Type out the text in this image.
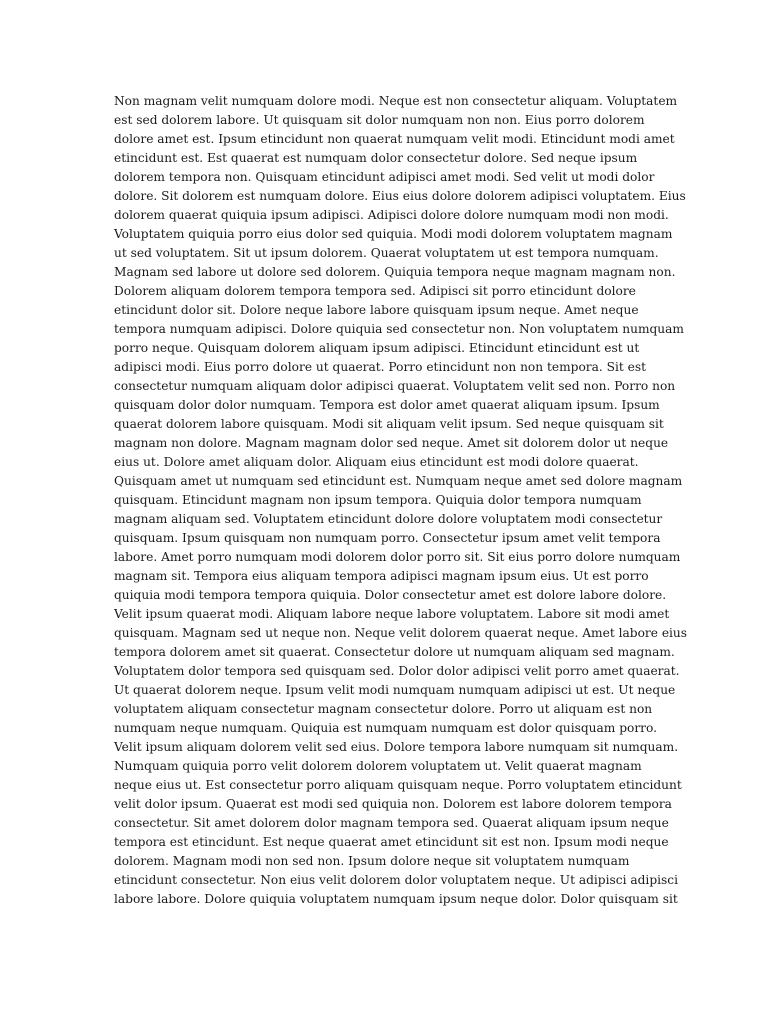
Non magnam velit numquam dolore modi. Neque est non consectetur aliquam. Voluptatem
est sed dolorem labore. Ut quisquam sit dolor numquam non non. Eius porro dolorem
dolore amet est. Ipsum etincidunt non quaerat numquam velit modi. Etincidunt modi amet
etincidunt est. Est quaerat est numquam dolor consectetur dolore. Sed neque ipsum
dolorem tempora non. Quisquam etincidunt adipisci amet modi. Sed velit ut modi dolor
dolore. Sit dolorem est numquam dolore. Eius eius dolore dolorem adipisci voluptatem. Eius
dolorem quaerat quiquia ipsum adipisci. Adipisci dolore dolore numquam modi non modi.
Voluptatem quiquia porro eius dolor sed quiquia. Modi modi dolorem voluptatem magnam
ut sed voluptatem. Sit ut ipsum dolorem. Quaerat voluptatem ut est tempora numquam.
Magnam sed labore ut dolore sed dolorem. Quiquia tempora neque magnam magnam non.
Dolorem aliquam dolorem tempora tempora sed. Adipisci sit porro etincidunt dolore
etincidunt dolor sit. Dolore neque labore labore quisquam ipsum neque. Amet neque
tempora numquam adipisci. Dolore quiquia sed consectetur non. Non voluptatem numquam
porro neque. Quisquam dolorem aliquam ipsum adipisci. Etincidunt etincidunt est ut
adipisci modi. Eius porro dolore ut quaerat. Porro etincidunt non non tempora. Sit est
consectetur numquam aliquam dolor adipisci quaerat. Voluptatem velit sed non. Porro non
quisquam dolor dolor numquam. Tempora est dolor amet quaerat aliquam ipsum. Ipsum
quaerat dolorem labore quisquam. Modi sit aliquam velit ipsum. Sed neque quisquam sit
magnam non dolore. Magnam magnam dolor sed neque. Amet sit dolorem dolor ut neque
eius ut. Dolore amet aliquam dolor. Aliquam eius etincidunt est modi dolore quaerat.
Quisquam amet ut numquam sed etincidunt est. Numquam neque amet sed dolore magnam
quisquam. Etincidunt magnam non ipsum tempora. Quiquia dolor tempora numquam
magnam aliquam sed. Voluptatem etincidunt dolore dolore voluptatem modi consectetur
quisquam. Ipsum quisquam non numquam porro. Consectetur ipsum amet velit tempora
labore. Amet porro numquam modi dolorem dolor porro sit. Sit eius porro dolore numquam
magnam sit. Tempora eius aliquam tempora adipisci magnam ipsum eius. Ut est porro
quiquia modi tempora tempora quiquia. Dolor consectetur amet est dolore labore dolore.
Velit ipsum quaerat modi. Aliquam labore neque labore voluptatem. Labore sit modi amet
quisquam. Magnam sed ut neque non. Neque velit dolorem quaerat neque. Amet labore eius
tempora dolorem amet sit quaerat. Consectetur dolore ut numquam aliquam sed magnam.
Voluptatem dolor tempora sed quisquam sed. Dolor dolor adipisci velit porro amet quaerat.
Ut quaerat dolorem neque. Ipsum velit modi numquam numquam adipisci ut est. Ut neque
voluptatem aliquam consectetur magnam consectetur dolore. Porro ut aliquam est non
numquam neque numquam. Quiquia est numquam numquam est dolor quisquam porro.
Velit ipsum aliquam dolorem velit sed eius. Dolore tempora labore numquam sit numquam.
Numquam quiquia porro velit dolorem dolorem voluptatem ut. Velit quaerat magnam
neque eius ut. Est consectetur porro aliquam quisquam neque. Porro voluptatem etincidunt
velit dolor ipsum. Quaerat est modi sed quiquia non. Dolorem est labore dolorem tempora
consectetur. Sit amet dolorem dolor magnam tempora sed. Quaerat aliquam ipsum neque
tempora est etincidunt. Est neque quaerat amet etincidunt sit est non. Ipsum modi neque
dolorem. Magnam modi non sed non. Ipsum dolore neque sit voluptatem numquam
etincidunt consectetur. Non eius velit dolorem dolor voluptatem neque. Ut adipisci adipisci
labore labore. Dolore quiquia voluptatem numquam ipsum neque dolor. Dolor quisquam sit
